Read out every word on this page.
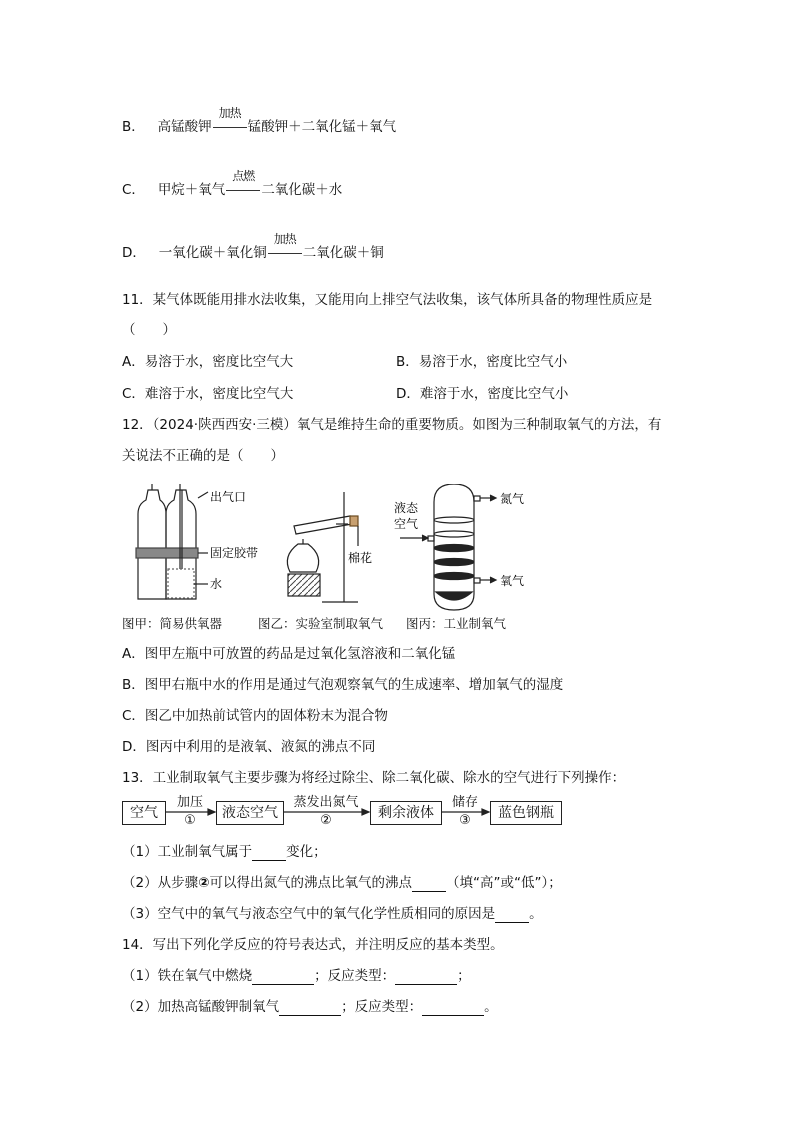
B． 高锰酸钾
加热
锰酸钾＋二氧化锰＋氧气
C． 甲烷＋氧气
点燃
二氧化碳＋水
D． 一氧化碳＋氧化铜
加热
二氧化碳＋铜
11．某气体既能用排水法收集，又能用向上排空气法收集，该气体所具备的物理性质应是
（　　）
A．易溶于水，密度比空气大	B．易溶于水，密度比空气小
C．难溶于水，密度比空气大	D．难溶于水，密度比空气小
12．（2024·陕西西安·三模）氧气是维持生命的重要物质。如图为三种制取氧气的方法，有
关说法不正确的是（　　）
出气口
固定胶带
水
棉花
液态
空气
氮气
氧气
图甲：简易供氧器	图乙：实验室制取氧气 图丙：工业制氧气
A．图甲左瓶中可放置的药品是过氧化氢溶液和二氧化锰
B．图甲右瓶中水的作用是通过气泡观察氧气的生成速率、增加氧气的湿度
C．图乙中加热前试管内的固体粉末为混合物
D．图丙中利用的是液氧、液氮的沸点不同
13．工业制取氧气主要步骤为将经过除尘、除二氧化碳、除水的空气进行下列操作：
空气
加压
①	液态空气
蒸发出氮气
②	剩余液体
储存
③	蓝色钢瓶
（1）工业制氧气属于	变化；
（2）从步骤②可以得出氮气的沸点比氧气的沸点	（填“高”或“低”）；
（3）空气中的氧气与液态空气中的氧气化学性质相同的原因是	。
14．写出下列化学反应的符号表达式，并注明反应的基本类型。
（1）铁在氧气中燃烧	；反应类型：	；
（2）加热高锰酸钾制氧气	；反应类型：	。
